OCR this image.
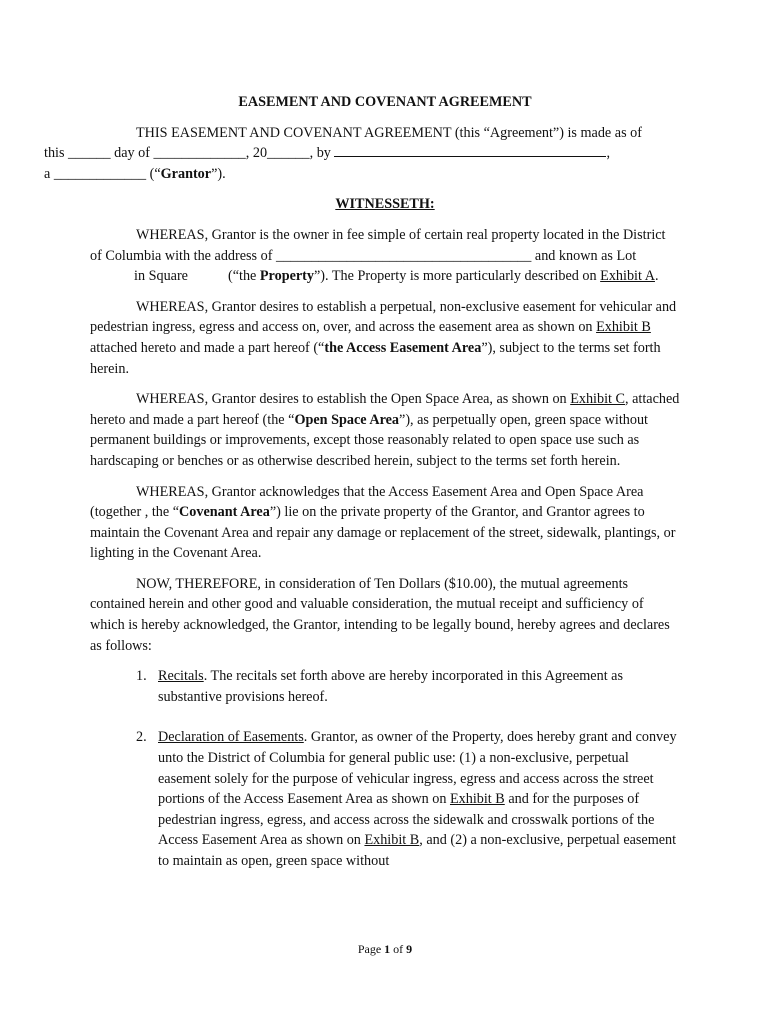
EASEMENT AND COVENANT AGREEMENT
THIS EASEMENT AND COVENANT AGREEMENT (this “Agreement”) is made as of
this ______ day of _____________, 20______, by	,
a _____________ (“Grantor”).
WITNESSETH:
WHEREAS, Grantor is the owner in fee simple of certain real property located in the District of Columbia with the address of ____________________________________ and known as Lotin Square	(“the Property”). The Property is more particularly described on Exhibit A.
WHEREAS, Grantor desires to establish a perpetual, non-exclusive easement for vehicular and pedestrian ingress, egress and access on, over, and across the easement area as shown on Exhibit B attached hereto and made a part hereof (“the Access Easement Area”), subject to the terms set forth herein.
WHEREAS, Grantor desires to establish the Open Space Area, as shown on Exhibit C, attached hereto and made a part hereof (the “Open Space Area”), as perpetually open, green space without permanent buildings or improvements, except those reasonably related to open space use such as hardscaping or benches or as otherwise described herein, subject to the terms set forth herein.
WHEREAS, Grantor acknowledges that the Access Easement Area and Open Space Area (together , the “Covenant Area”) lie on the private property of the Grantor, and Grantor agrees to maintain the Covenant Area and repair any damage or replacement of the street, sidewalk, plantings, or lighting in the Covenant Area.
NOW, THEREFORE, in consideration of Ten Dollars ($10.00), the mutual agreements contained herein and other good and valuable consideration, the mutual receipt and sufficiency of which is hereby acknowledged, the Grantor, intending to be legally bound, hereby agrees and declares as follows:
1. Recitals. The recitals set forth above are hereby incorporated in this Agreement as substantive provisions hereof.
2. Declaration of Easements. Grantor, as owner of the Property, does hereby grant and convey unto the District of Columbia for general public use: (1) a non-exclusive, perpetual easement solely for the purpose of vehicular ingress, egress and access across the street portions of the Access Easement Area as shown on Exhibit B and for the purposes of pedestrian ingress, egress, and access across the sidewalk and crosswalk portions of the Access Easement Area as shown on Exhibit B, and (2) a non-exclusive, perpetual easement to maintain as open, green space without
Page 1 of 9
